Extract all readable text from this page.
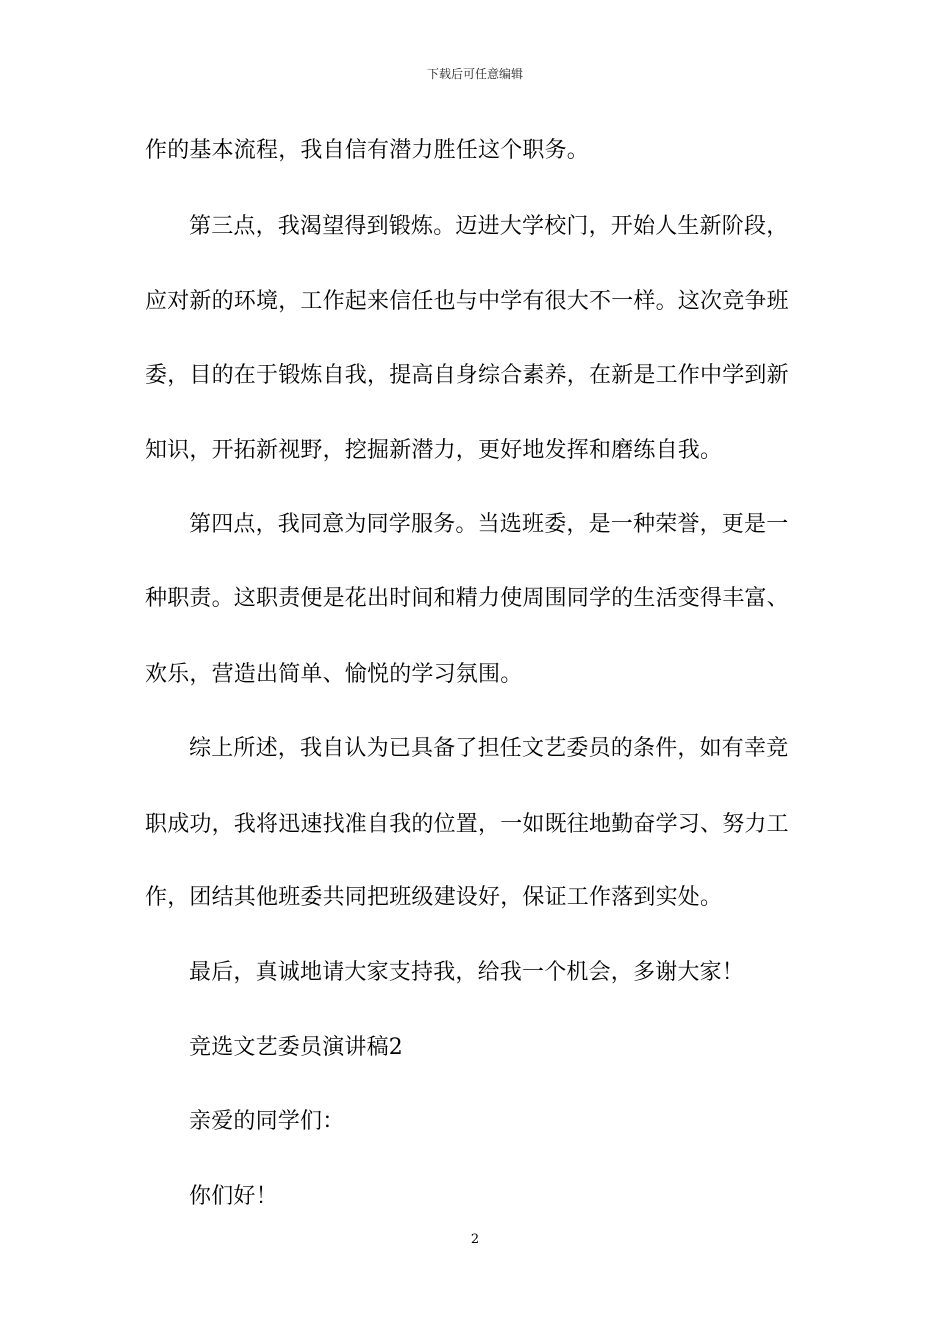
下载后可任意编辑
作的基本流程，我自信有潜力胜任这个职务。
第三点，我渴望得到锻炼。迈进大学校门，开始人生新阶段，
应对新的环境，工作起来信任也与中学有很大不一样。这次竞争班
委，目的在于锻炼自我，提高自身综合素养，在新是工作中学到新
知识，开拓新视野，挖掘新潜力，更好地发挥和磨练自我。
第四点，我同意为同学服务。当选班委，是一种荣誉，更是一
种职责。这职责便是花出时间和精力使周围同学的生活变得丰富、
欢乐，营造出简单、愉悦的学习氛围。
综上所述，我自认为已具备了担任文艺委员的条件，如有幸竞
职成功，我将迅速找准自我的位置，一如既往地勤奋学习、努力工
作，团结其他班委共同把班级建设好，保证工作落到实处。
最后，真诚地请大家支持我，给我一个机会，多谢大家！
竞选文艺委员演讲稿2
亲爱的同学们：
你们好！
2
